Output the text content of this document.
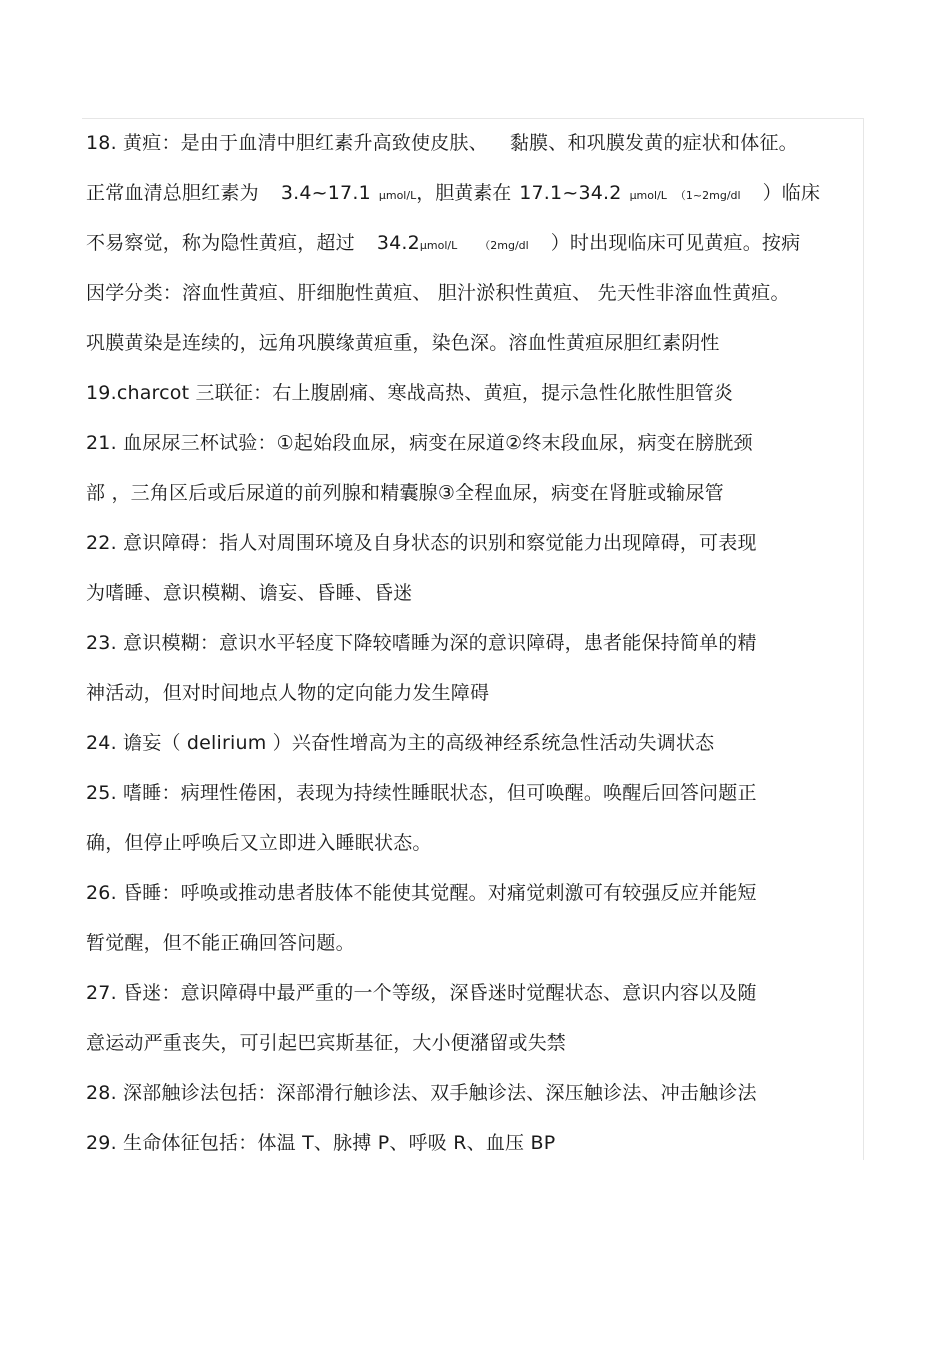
18. 黄疸：是由于血清中胆红素升高致使皮肤、 黏膜、和巩膜发黄的症状和体征。
正常血清总胆红素为 3.4~17.1 μmol/L，胆黄素在 17.1~34.2 μmol/L （1~2mg/dl ）临床
不易察觉，称为隐性黄疸，超过 34.2μmol/L （2mg/dl ）时出现临床可见黄疸。按病
因学分类：溶血性黄疸、肝细胞性黄疸、 胆汁淤积性黄疸、 先天性非溶血性黄疸。
巩膜黄染是连续的，远角巩膜缘黄疸重，染色深。溶血性黄疸尿胆红素阴性
19.charcot 三联征：右上腹剧痛、寒战高热、黄疸，提示急性化脓性胆管炎
21. 血尿尿三杯试验：①起始段血尿，病变在尿道②终末段血尿，病变在膀胱颈
部 ，三角区后或后尿道的前列腺和精囊腺③全程血尿，病变在肾脏或输尿管
22. 意识障碍：指人对周围环境及自身状态的识别和察觉能力出现障碍，可表现
为嗜睡、意识模糊、谵妄、昏睡、昏迷
23. 意识模糊：意识水平轻度下降较嗜睡为深的意识障碍，患者能保持简单的精
神活动，但对时间地点人物的定向能力发生障碍
24. 谵妄（ delirium ）兴奋性增高为主的高级神经系统急性活动失调状态
25. 嗜睡：病理性倦困，表现为持续性睡眠状态，但可唤醒。唤醒后回答问题正
确，但停止呼唤后又立即进入睡眠状态。
26. 昏睡：呼唤或推动患者肢体不能使其觉醒。对痛觉刺激可有较强反应并能短
暂觉醒，但不能正确回答问题。
27. 昏迷：意识障碍中最严重的一个等级，深昏迷时觉醒状态、意识内容以及随
意运动严重丧失，可引起巴宾斯基征，大小便潴留或失禁
28. 深部触诊法包括：深部滑行触诊法、双手触诊法、深压触诊法、冲击触诊法
29. 生命体征包括：体温 T、脉搏 P、呼吸 R、血压 BP
